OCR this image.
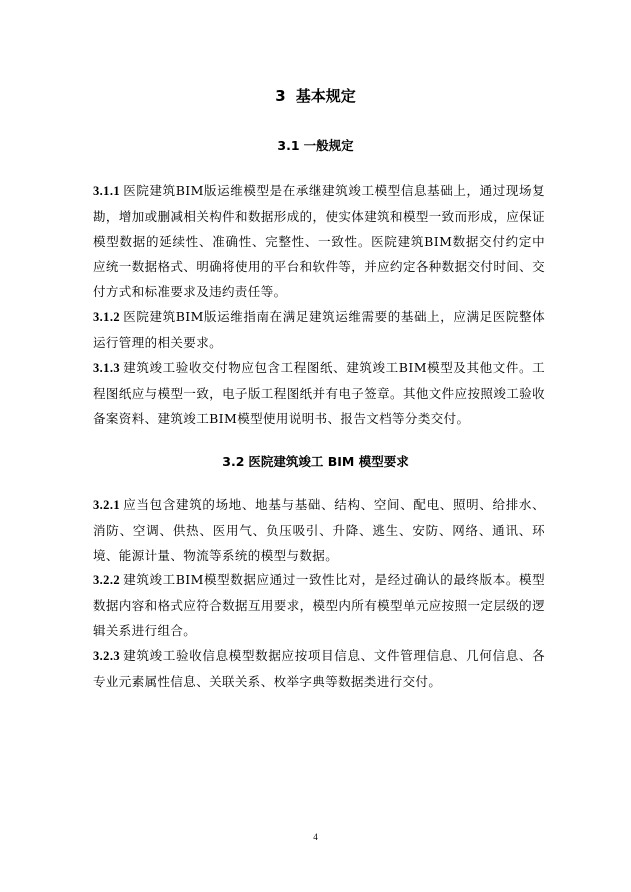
3 基本规定
3.1 一般规定
3.1.1 医院建筑BIM版运维模型是在承继建筑竣工模型信息基础上，通过现场复勘，增加或删减相关构件和数据形成的，使实体建筑和模型一致而形成，应保证模型数据的延续性、准确性、完整性、一致性。医院建筑BIM数据交付约定中应统一数据格式、明确将使用的平台和软件等，并应约定各种数据交付时间、交付方式和标准要求及违约责任等。
3.1.2 医院建筑BIM版运维指南在满足建筑运维需要的基础上，应满足医院整体运行管理的相关要求。
3.1.3 建筑竣工验收交付物应包含工程图纸、建筑竣工BIM模型及其他文件。工程图纸应与模型一致，电子版工程图纸并有电子签章。其他文件应按照竣工验收备案资料、建筑竣工BIM模型使用说明书、报告文档等分类交付。
3.2 医院建筑竣工 BIM 模型要求
3.2.1 应当包含建筑的场地、地基与基础、结构、空间、配电、照明、给排水、消防、空调、供热、医用气、负压吸引、升降、逃生、安防、网络、通讯、环境、能源计量、物流等系统的模型与数据。
3.2.2 建筑竣工BIM模型数据应通过一致性比对，是经过确认的最终版本。模型数据内容和格式应符合数据互用要求，模型内所有模型单元应按照一定层级的逻辑关系进行组合。
3.2.3 建筑竣工验收信息模型数据应按项目信息、文件管理信息、几何信息、各专业元素属性信息、关联关系、枚举字典等数据类进行交付。
4
